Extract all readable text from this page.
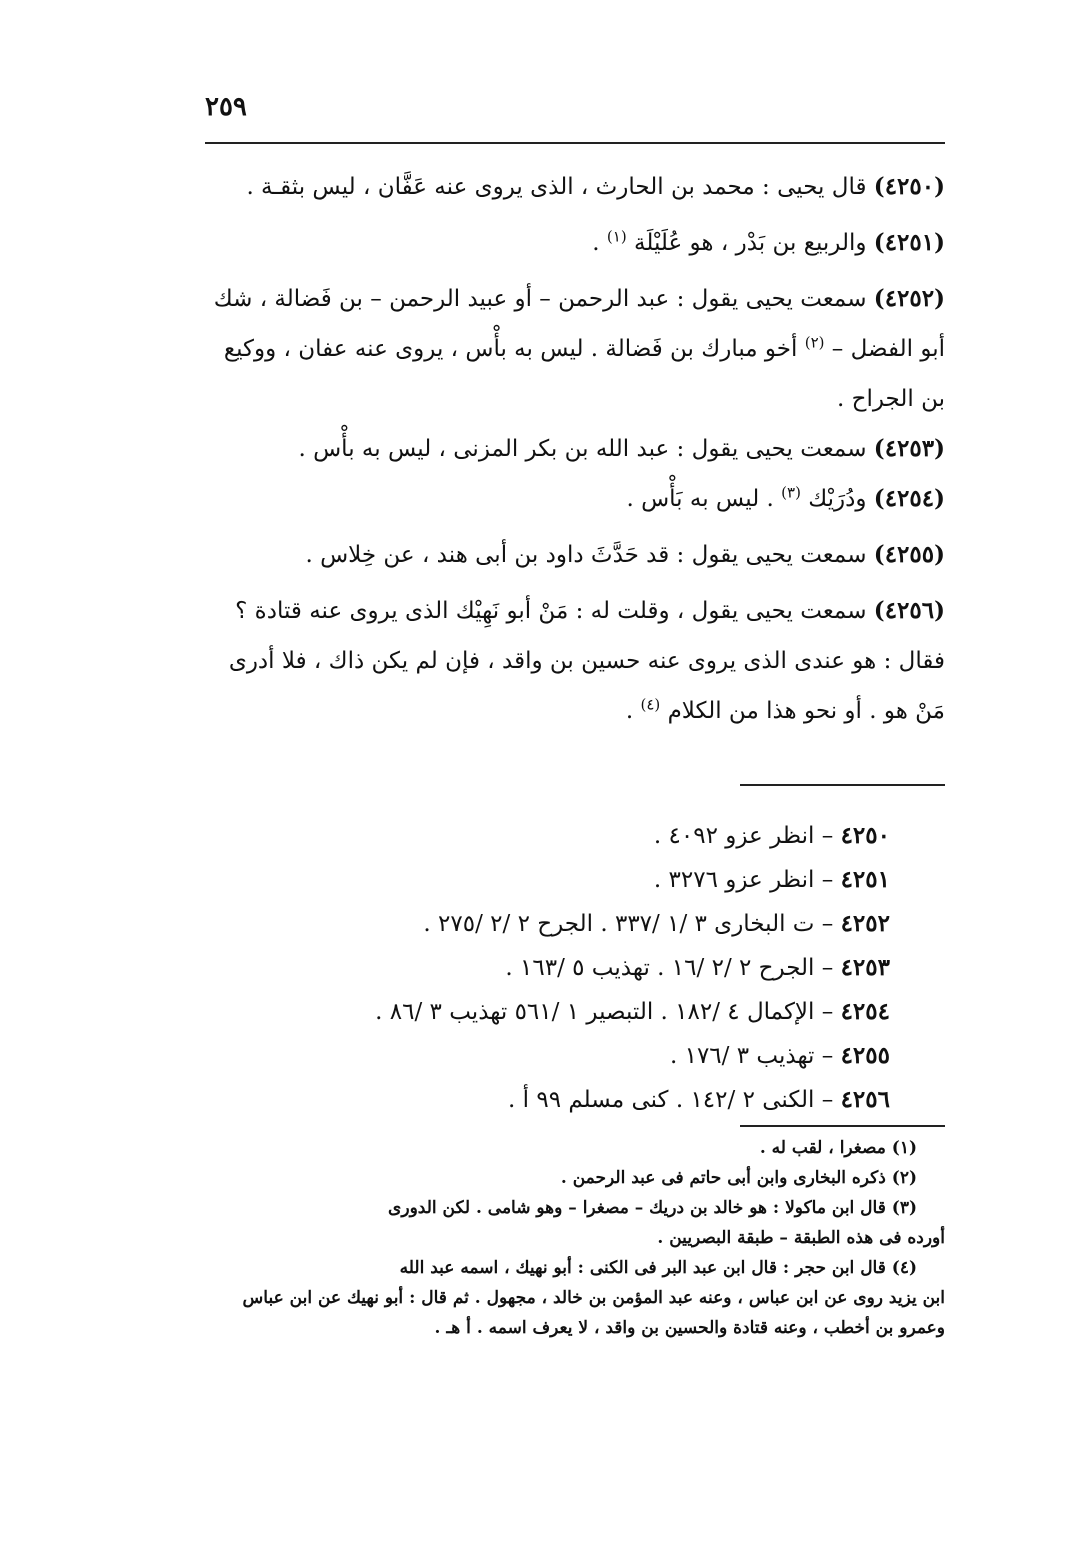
٢٥٩

(٤٢٥٠) قال يحيى : محمد بن الحارث ، الذى يروى عنه عَفَّان ، ليس بثقـة .

(٤٢٥١) والربيع بن بَدْر ، هو عُلَيْلَة $^{(١)}$ .

(٤٢٥٢) سمعت يحيى يقول : عبد الرحمن – أو عبيد الرحمن – بن فَضالة ، شك أبو الفضل – $^{(٢)}$ أخو مبارك بن فَضالة . ليس به بأْس ، يروى عنه عفان ، ووكيع بن الجراح .

(٤٢٥٣) سمعت يحيى يقول : عبد الله بن بكر المزنى ، ليس به بأْس .

(٤٢٥٤) ودُرَيْك $^{(٣)}$ . ليس به بَأْس .

(٤٢٥٥) سمعت يحيى يقول : قد حَدَّثَ داود بن أبى هند ، عن خِلاس .

(٤٢٥٦) سمعت يحيى يقول ، وقلت له : مَنْ أبو نَهِيْك الذى يروى عنه قتادة ؟ فقال : هو عندى الذى يروى عنه حسين بن واقد ، فإن لم يكن ذاك ، فلا أدرى مَنْ هو . أو نحو هذا من الكلام $^{(٤)}$ .

٤٢٥٠ – انظر عزو ٤٠٩٢ .
٤٢٥١ – انظر عزو ٣٢٧٦ .
٤٢٥٢ – ت البخارى ٣ /١ /٣٣٧ . الجرح ٢ /٢ /٢٧٥ .
٤٢٥٣ – الجرح ٢ /٢ /١٦ . تهذيب ٥ /١٦٣ .
٤٢٥٤ – الإكمال ٤ /١٨٢ . التبصير ١ /٥٦١ تهذيب ٣ /٨٦ .
٤٢٥٥ – تهذيب ٣ /١٧٦ .
٤٢٥٦ – الكنى ٢ /١٤٢ . كنى مسلم ٩٩ أ .

(١) مصغرا ، لقب له .

(٢) ذكره البخارى وابن أبى حاتم فى عبد الرحمن .

(٣) قال ابن ماكولا : هو خالد بن دريك – مصغرا – وهو شامى . لكن الدورى

أورده فى هذه الطبقة – طبقة البصريين .

(٤) قال ابن حجر : قال ابن عبد البر فى الكنى : أبو نهيك ، اسمه عبد الله

ابن يزيد روى عن ابن عباس ، وعنه عبد المؤمن بن خالد ، مجهول . ثم قال : أبو نهيك عن ابن عباس وعمرو بن أخطب ، وعنه قتادة والحسين بن واقد ، لا يعرف اسمه . أ هـ .
